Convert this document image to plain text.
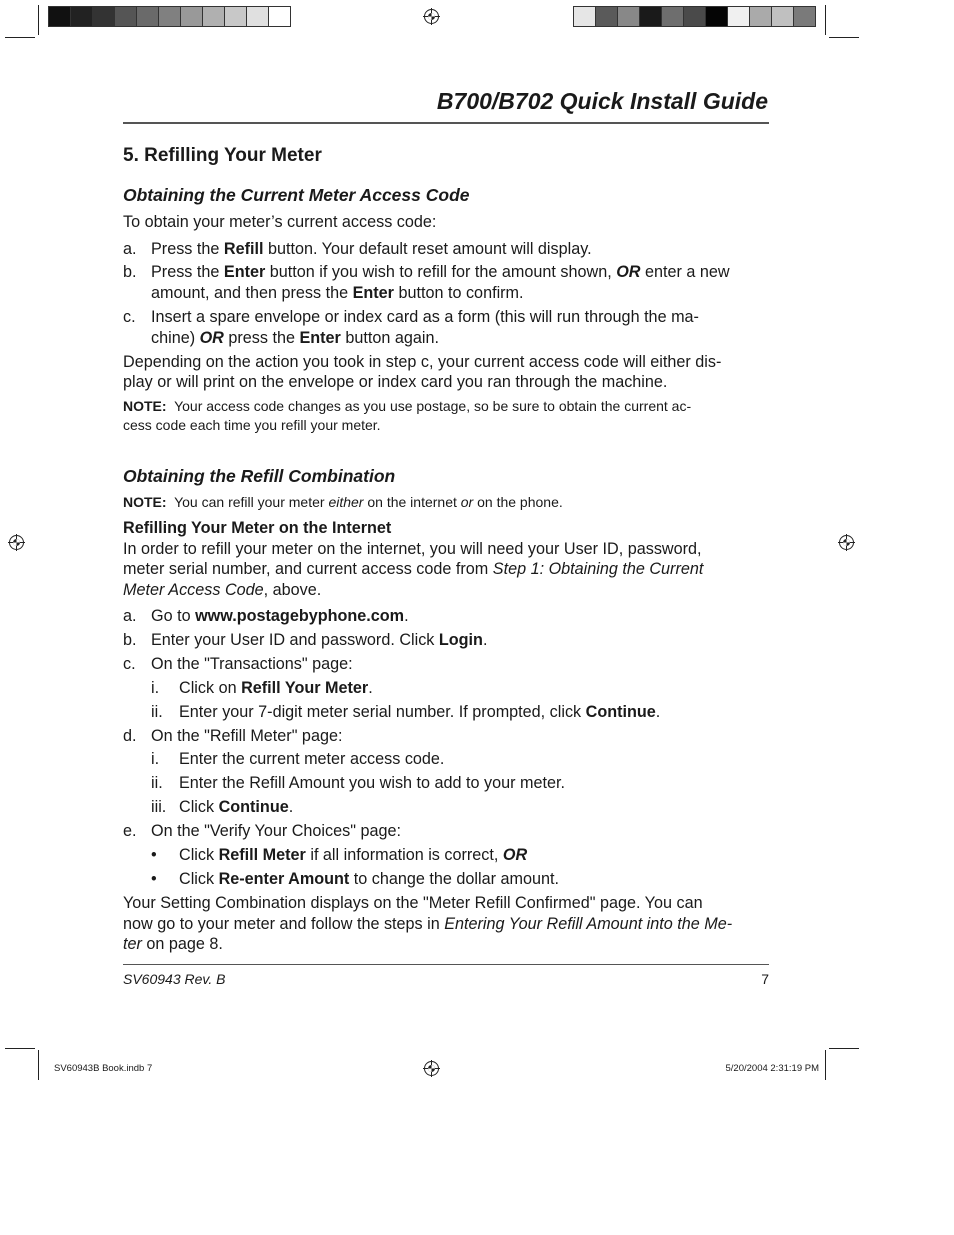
B700/B702 Quick Install Guide
5. Refilling Your Meter
Obtaining the Current Meter Access Code
To obtain your meter’s current access code:
a. Press the Refill button. Your default reset amount will display.
b. Press the Enter button if you wish to refill for the amount shown, OR enter a new
amount, and then press the Enter button to confirm.
c. Insert a spare envelope or index card as a form (this will run through the ma-
chine) OR press the Enter button again.
Depending on the action you took in step c, your current access code will either dis-
play or will print on the envelope or index card you ran through the machine.
NOTE: Your access code changes as you use postage, so be sure to obtain the current ac-
cess code each time you refill your meter.
Obtaining the Refill Combination
NOTE: You can refill your meter either on the internet or on the phone.
Refilling Your Meter on the Internet
In order to refill your meter on the internet, you will need your User ID, password,
meter serial number, and current access code from Step 1: Obtaining the Current
Meter Access Code, above.
a. Go to www.postagebyphone.com.
b. Enter your User ID and password. Click Login.
c. On the "Transactions" page:
i. Click on Refill Your Meter.
ii. Enter your 7-digit meter serial number. If prompted, click Continue.
d. On the "Refill Meter" page:
i. Enter the current meter access code.
ii. Enter the Refill Amount you wish to add to your meter.
iii. Click Continue.
e. On the "Verify Your Choices" page:
• Click Refill Meter if all information is correct, OR
• Click Re-enter Amount to change the dollar amount.
Your Setting Combination displays on the "Meter Refill Confirmed" page. You can
now go to your meter and follow the steps in Entering Your Refill Amount into the Me-
ter on page 8.
SV60943 Rev. B	7
SV60943B Book.indb 7	5/20/2004 2:31:19 PM
